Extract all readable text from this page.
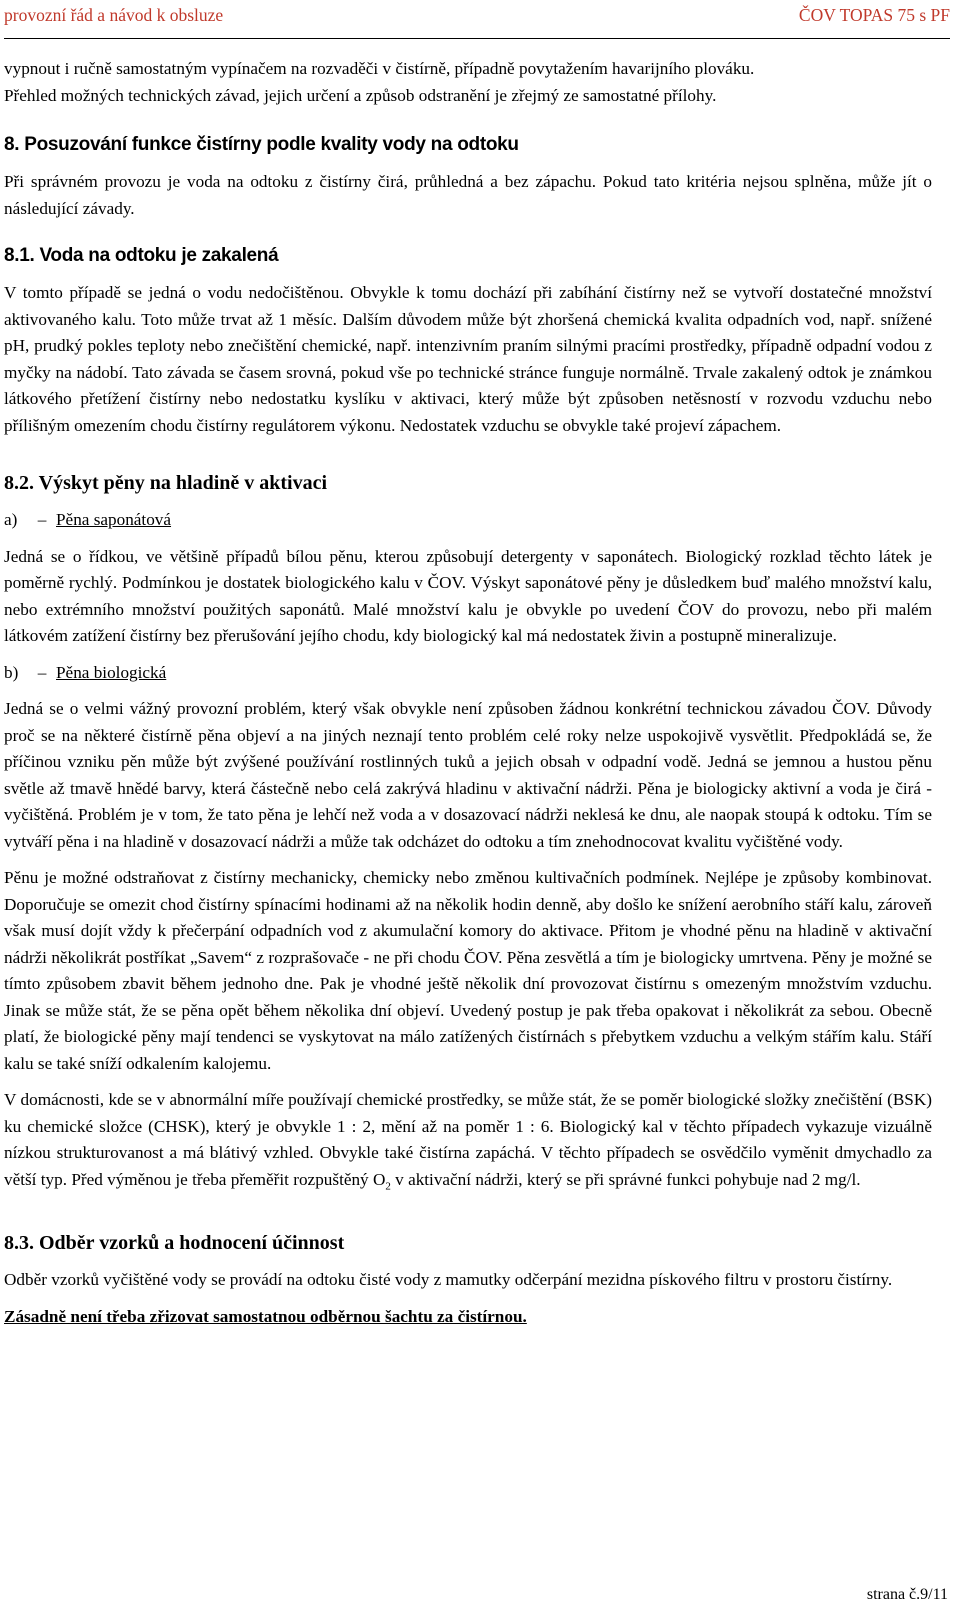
provozní řád a návod k obsluze	ČOV TOPAS 75 s PF

vypnout i ručně samostatným vypínačem na rozvaděči v čistírně, případně povytažením havarijního plováku.

Přehled možných technických závad, jejich určení a způsob odstranění je zřejmý ze samostatné přílohy.

8. Posuzování funkce čistírny podle kvality vody na odtoku

Při správném provozu je voda na odtoku z čistírny čirá, průhledná a bez zápachu. Pokud tato kritéria nejsou splněna, může jít o následující závady.

8.1. Voda na odtoku je zakalená

V tomto případě se jedná o vodu nedočištěnou. Obvykle k tomu dochází při zabíhání čistírny než se vytvoří dostatečné množství aktivovaného kalu. Toto může trvat až 1 měsíc. Dalším důvodem může být zhoršená chemická kvalita odpadních vod, např. snížené pH, prudký pokles teploty nebo znečištění chemické, např. intenzivním praním silnými pracími prostředky, případně odpadní vodou z myčky na nádobí. Tato závada se časem srovná, pokud vše po technické stránce funguje normálně. Trvale zakalený odtok je známkou látkového přetížení čistírny nebo nedostatku kyslíku v aktivaci, který může být způsoben netěsností v rozvodu vzduchu nebo přílišným omezením chodu čistírny regulátorem výkonu. Nedostatek vzduchu se obvykle také projeví zápachem.

8.2. Výskyt pěny na hladině v aktivaci
a)	– Pěna saponátová

Jedná se o řídkou, ve většině případů bílou pěnu, kterou způsobují detergenty v saponátech. Biologický rozklad těchto látek je poměrně rychlý. Podmínkou je dostatek biologického kalu v ČOV. Výskyt saponátové pěny je důsledkem buď malého množství kalu, nebo extrémního množství použitých saponátů. Malé množství kalu je obvykle po uvedení ČOV do provozu, nebo při malém látkovém zatížení čistírny bez přerušování jejího chodu, kdy biologický kal má nedostatek živin a postupně mineralizuje.

b)	– Pěna biologická

Jedná se o velmi vážný provozní problém, který však obvykle není způsoben žádnou konkrétní technickou závadou ČOV. Důvody proč se na některé čistírně pěna objeví a na jiných neznají tento problém celé roky nelze uspokojivě vysvětlit. Předpokládá se, že příčinou vzniku pěn může být zvýšené používání rostlinných tuků a jejich obsah v odpadní vodě. Jedná se jemnou a hustou pěnu světle až tmavě hnědé barvy, která částečně nebo celá zakrývá hladinu v aktivační nádrži. Pěna je biologicky aktivní a voda je čirá - vyčištěná. Problém je v tom, že tato pěna je lehčí než voda a v dosazovací nádrži neklesá ke dnu, ale naopak stoupá k odtoku. Tím se vytváří pěna i na hladině v dosazovací nádrži a může tak odcházet do odtoku a tím znehodnocovat kvalitu vyčištěné vody.

Pěnu je možné odstraňovat z čistírny mechanicky, chemicky nebo změnou kultivačních podmínek. Nejlépe je způsoby kombinovat. Doporučuje se omezit chod čistírny spínacími hodinami až na několik hodin denně, aby došlo ke snížení aerobního stáří kalu, zároveň však musí dojít vždy k přečerpání odpadních vod z akumulační komory do aktivace. Přitom je vhodné pěnu na hladině v aktivační nádrži několikrát postříkat „Savem“ z rozprašovače - ne při chodu ČOV. Pěna zesvětlá a tím je biologicky umrtvena. Pěny je možné se tímto způsobem zbavit během jednoho dne. Pak je vhodné ještě několik dní provozovat čistírnu s omezeným množstvím vzduchu. Jinak se může stát, že se pěna opět během několika dní objeví. Uvedený postup je pak třeba opakovat i několikrát za sebou. Obecně platí, že biologické pěny mají tendenci se vyskytovat na málo zatížených čistírnách s přebytkem vzduchu a velkým stářím kalu. Stáří kalu se také sníží odkalením kalojemu.

V domácnosti, kde se v abnormální míře používají chemické prostředky, se může stát, že se poměr biologické složky znečištění (BSK) ku chemické složce (CHSK), který je obvykle 1 : 2, mění až na poměr 1 : 6. Biologický kal v těchto případech vykazuje vizuálně nízkou strukturovanost a má blátivý vzhled. Obvykle také čistírna zapáchá. V těchto případech se osvědčilo vyměnit dmychadlo za větší typ. Před výměnou je třeba přeměřit rozpuštěný $O_2$ v aktivační nádrži, který se při správné funkci pohybuje nad 2 mg/l.

8.3. Odběr vzorků a hodnocení účinnost

Odběr vzorků vyčištěné vody se provádí na odtoku čisté vody z mamutky odčerpání mezidna pískového filtru v prostoru čistírny.

Zásadně není třeba zřizovat samostatnou odběrnou šachtu za čistírnou.

strana č.9/11
